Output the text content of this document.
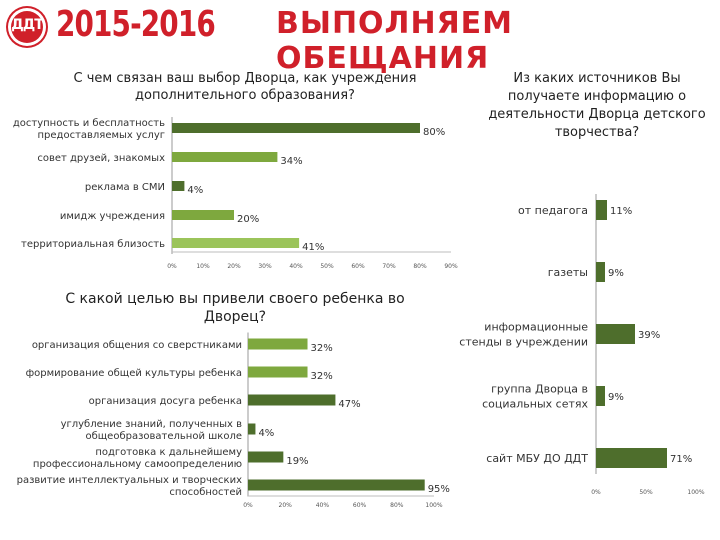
ДДТ 2015-2016 ВЫПОЛНЯЕМ ОБЕЩАНИЯ
С чем связан ваш выбор Дворца, как учреждения дополнительного образования?
С какой целью вы привели своего ребенка во Дворец?
Из каких источников Вы получаете информацию о деятельности Дворца детского творчества?
80%
доступность и бесплатность
предоставляемых услуг
34%
совет друзей, знакомых
4%
реклама в СМИ
20%
имидж учреждения
41%
территориальная близость
0%	10%	20%	30%	40%	50%	60%	70%	80%	90%
32%
организация общения со сверстниками
32%
формирование общей культуры ребенка
47%
организация досуга ребенка
4%
углубление знаний, полученных в
общеобразовательной школе
19%
подготовка к дальнейшему
профессиональному самоопределению
95%
развитие интеллектуальных и творческих
способностей
0%	20%	40%	60%	80%	100%
11%
от педагога
9%
газеты
39%
информационные
стенды в учреждении
9%
группа Дворца в
социальных сетях
71%
сайт МБУ ДО ДДТ
0%	50%	100%
